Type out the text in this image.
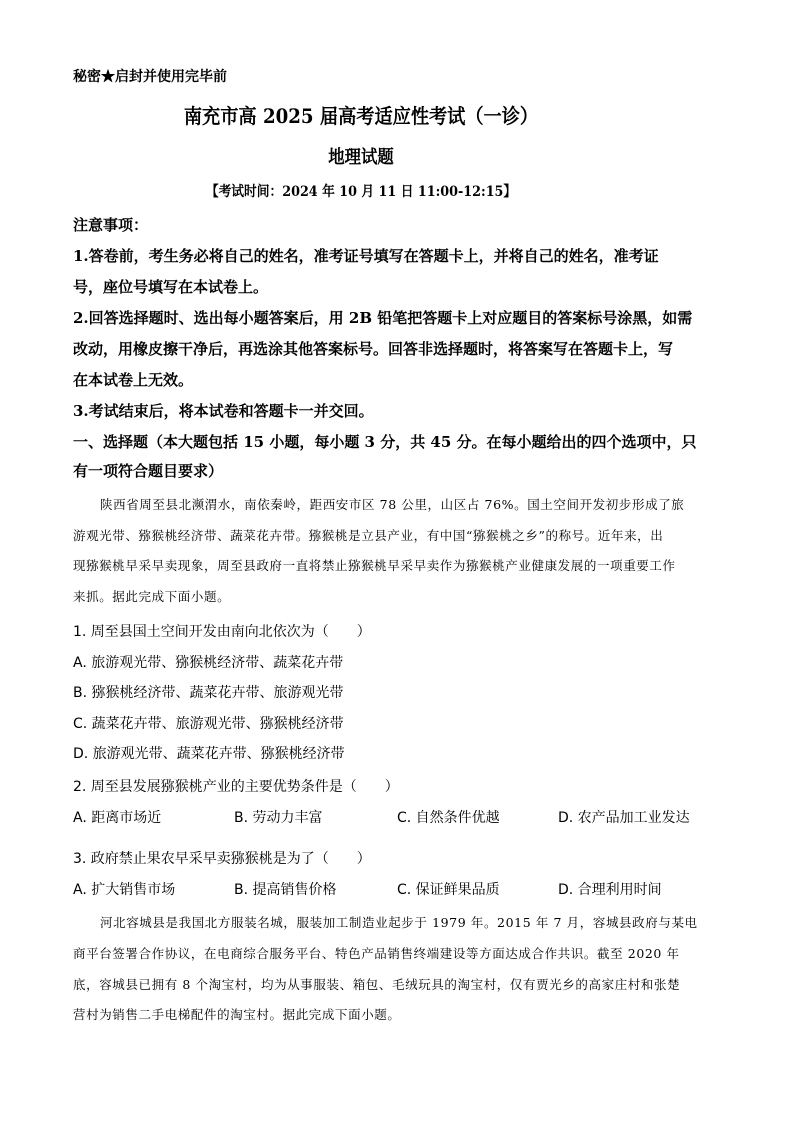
秘密★启封并使用完毕前
南充市高 2025 届高考适应性考试（一诊）
地理试题
【考试时间：2024 年 10 月 11 日 11:00-12:15】
注意事项：
1.答卷前，考生务必将自己的姓名，准考证号填写在答题卡上，并将自己的姓名，准考证
号，座位号填写在本试卷上。
2.回答选择题时、选出每小题答案后，用 2B 铅笔把答题卡上对应题目的答案标号涂黑，如需
改动，用橡皮擦干净后，再选涂其他答案标号。回答非选择题时，将答案写在答题卡上，写
在本试卷上无效。
3.考试结束后，将本试卷和答题卡一并交回。
一、选择题（本大题包括 15 小题，每小题 3 分，共 45 分。在每小题给出的四个选项中，只
有一项符合题目要求）
陕西省周至县北濒渭水，南依秦岭，距西安市区 78 公里，山区占 76%。国土空间开发初步形成了旅
游观光带、猕猴桃经济带、蔬菜花卉带。猕猴桃是立县产业，有中国“猕猴桃之乡”的称号。近年来，出
现猕猴桃早采早卖现象，周至县政府一直将禁止猕猴桃早采早卖作为猕猴桃产业健康发展的一项重要工作
来抓。据此完成下面小题。
1. 周至县国土空间开发由南向北依次为（　　）
A. 旅游观光带、猕猴桃经济带、蔬菜花卉带
B. 猕猴桃经济带、蔬菜花卉带、旅游观光带
C. 蔬菜花卉带、旅游观光带、猕猴桃经济带
D. 旅游观光带、蔬菜花卉带、猕猴桃经济带
2. 周至县发展猕猴桃产业的主要优势条件是（　　）
A. 距离市场近	B. 劳动力丰富	C. 自然条件优越	D. 农产品加工业发达
3. 政府禁止果农早采早卖猕猴桃是为了（　　）
A. 扩大销售市场	B. 提高销售价格	C. 保证鲜果品质	D. 合理利用时间
河北容城县是我国北方服装名城，服装加工制造业起步于 1979 年。2015 年 7 月，容城县政府与某电
商平台签署合作协议，在电商综合服务平台、特色产品销售终端建设等方面达成合作共识。截至 2020 年
底，容城县已拥有 8 个淘宝村，均为从事服装、箱包、毛绒玩具的淘宝村，仅有贾光乡的高家庄村和张楚
营村为销售二手电梯配件的淘宝村。据此完成下面小题。
